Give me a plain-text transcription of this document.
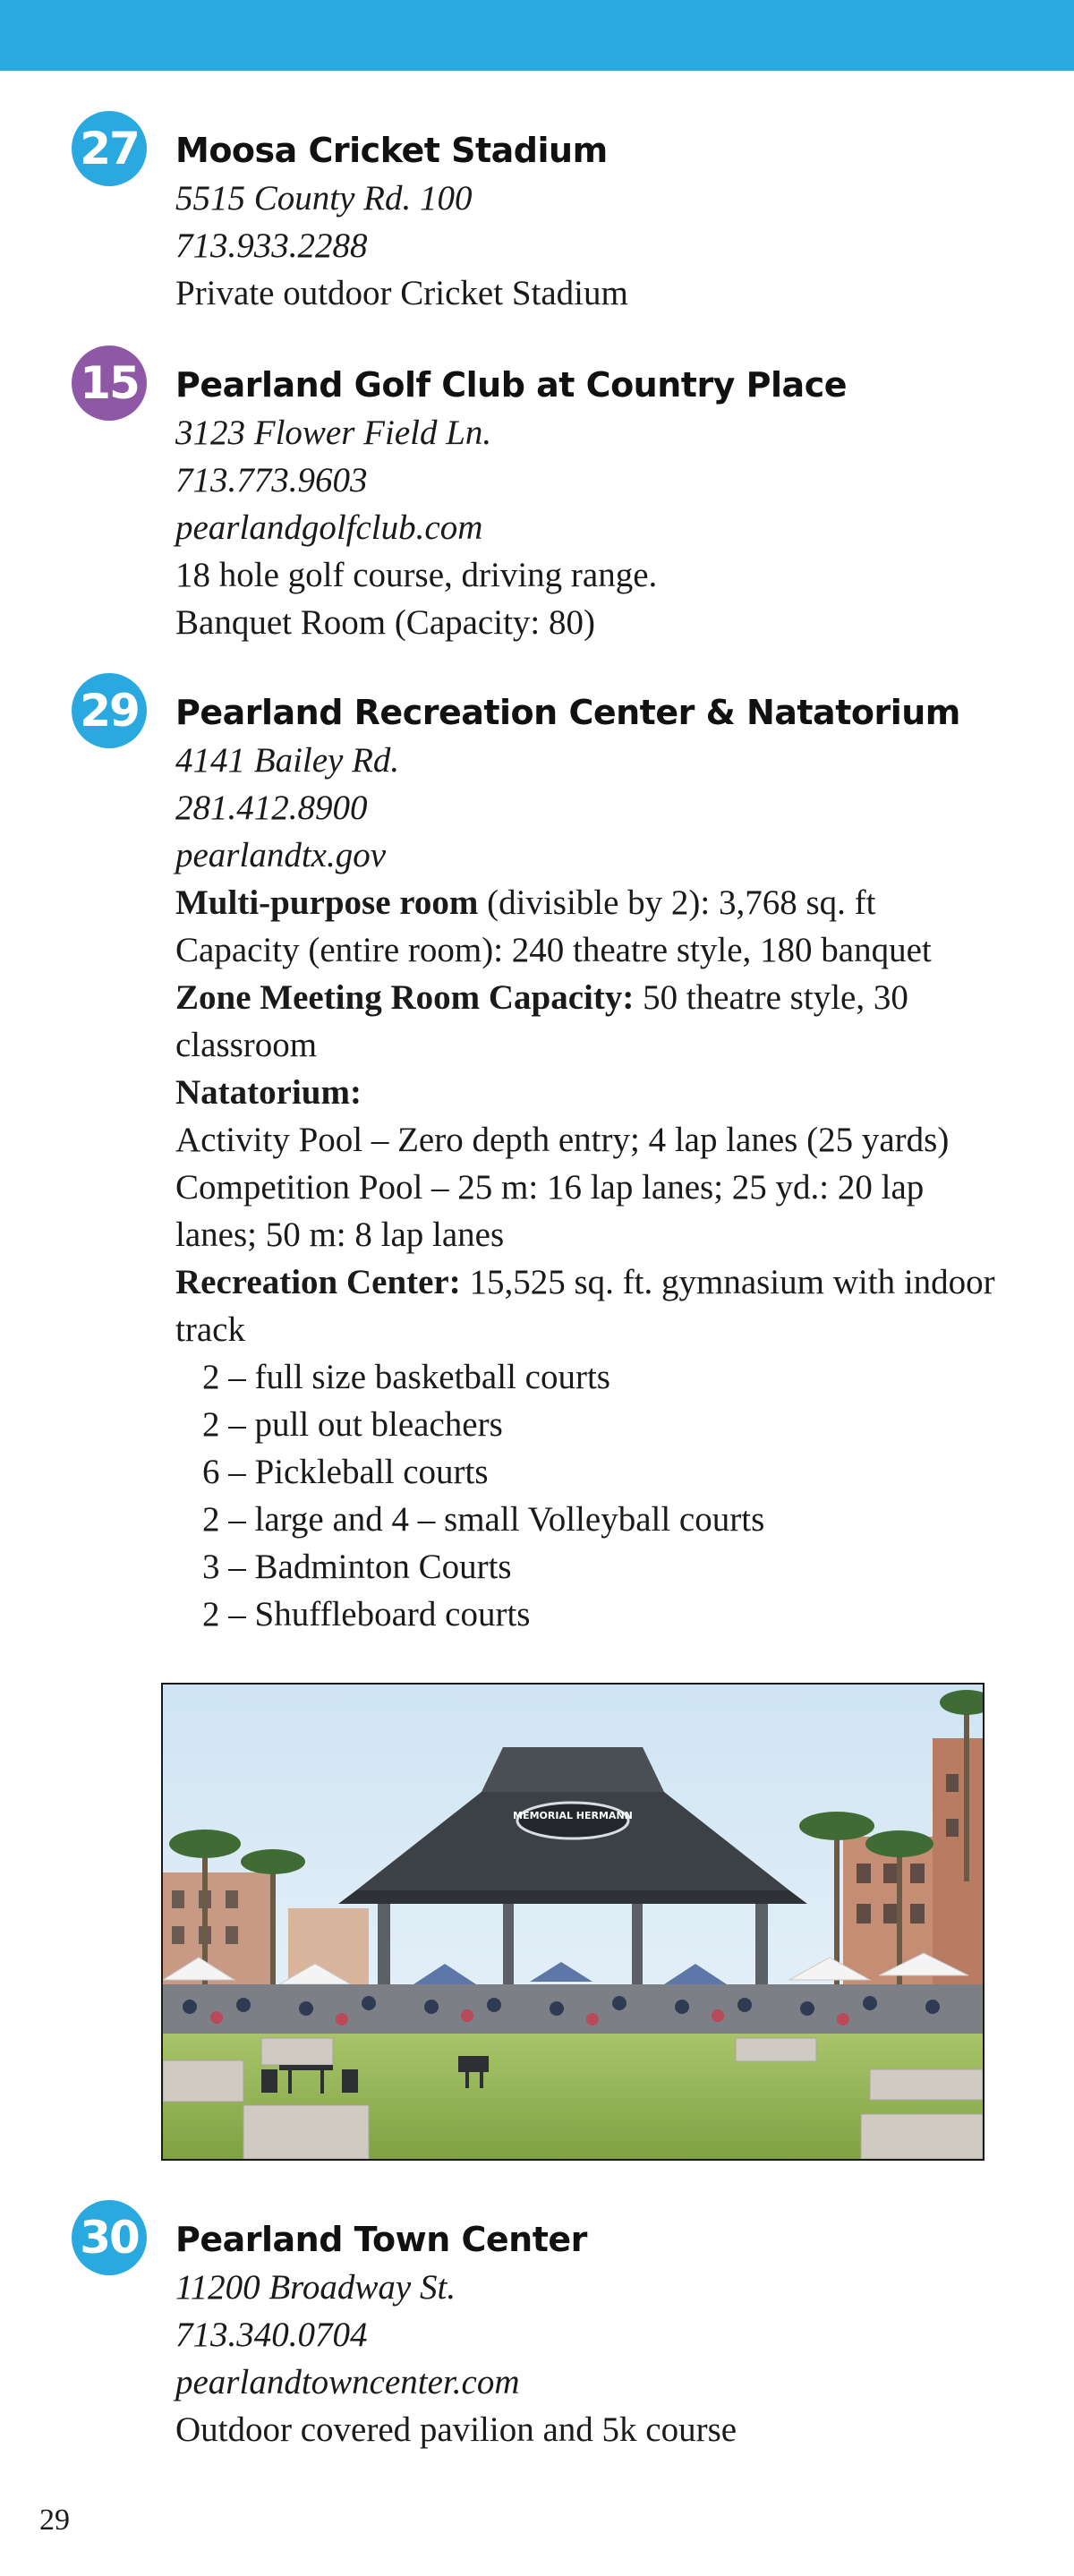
27 Moosa Cricket Stadium
5515 County Rd. 100
713.933.2288
Private outdoor Cricket Stadium
15 Pearland Golf Club at Country Place
3123 Flower Field Ln.
713.773.9603
pearlandgolfclub.com
18 hole golf course, driving range.
Banquet Room (Capacity: 80)
29 Pearland Recreation Center & Natatorium
4141 Bailey Rd.
281.412.8900
pearlandtx.gov
Multi-purpose room (divisible by 2): 3,768 sq. ft
Capacity (entire room): 240 theatre style, 180 banquet
Zone Meeting Room Capacity: 50 theatre style, 30
classroom
Natatorium:
Activity Pool – Zero depth entry; 4 lap lanes (25 yards)
Competition Pool – 25 m: 16 lap lanes; 25 yd.: 20 lap
lanes; 50 m: 8 lap lanes
Recreation Center: 15,525 sq. ft. gymnasium with indoor
track
2 – full size basketball courts
2 – pull out bleachers
6 – Pickleball courts
2 – large and 4 – small Volleyball courts
3 – Badminton Courts
2 – Shuffleboard courts
MEMORIAL HERMANN
30 Pearland Town Center
11200 Broadway St.
713.340.0704
pearlandtowncenter.com
Outdoor covered pavilion and 5k course
29
